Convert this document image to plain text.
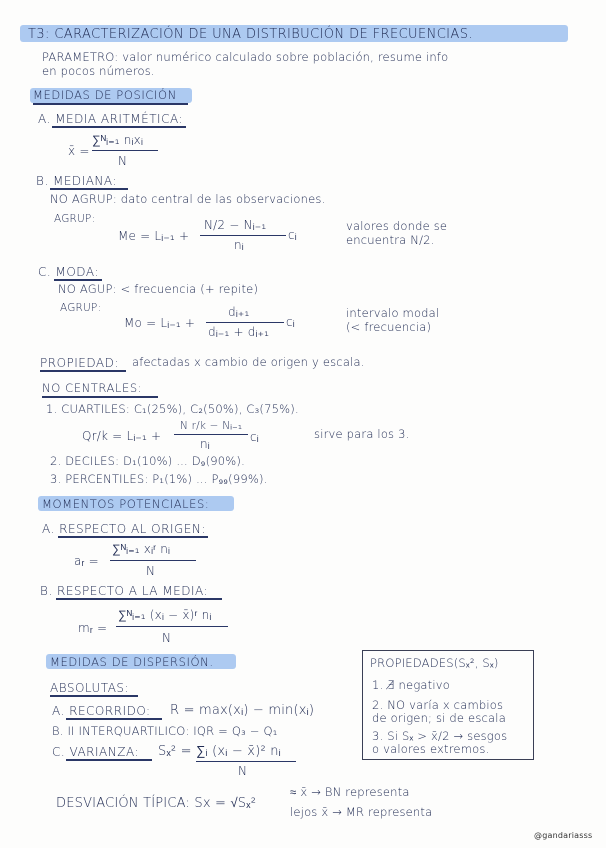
T3: CARACTERIZACIÓN DE UNA DISTRIBUCIÓN DE FRECUENCIAS.
PARAMETRO: valor numérico calculado sobre población, resume info
en pocos números.
MEDIDAS DE POSICIÓN
A. MEDIA ARITMÉTICA:
x̄ =
∑ᴺᵢ₌₁ nᵢxᵢ
N
B. MEDIANA:
NO AGRUP: dato central de las observaciones.
AGRUP:
Me = Lᵢ₋₁ +
N/2 − Nᵢ₋₁
nᵢ
cᵢ
valores donde se
encuentra N/2.
C. MODA:
NO AGUP: < frecuencia (+ repite)
AGRUP:
Mo = Lᵢ₋₁ +
dᵢ₊₁
dᵢ₋₁ + dᵢ₊₁
cᵢ
intervalo modal
(< frecuencia)
PROPIEDAD: afectadas x cambio de origen y escala.
NO CENTRALES:
1. CUARTILES: C₁(25%), C₂(50%), C₃(75%).
Qr/k = Lᵢ₋₁ +
N r/k − Nᵢ₋₁
nᵢ	cᵢ	sirve para los 3.
2. DECILES: D₁(10%) ... D₉(90%).
3. PERCENTILES: P₁(1%) ... P₉₉(99%).
MOMENTOS POTENCIALES:
A. RESPECTO AL ORIGEN:
aᵣ =
∑ᴺᵢ₌₁ xᵢʳ nᵢ
N
B. RESPECTO A LA MEDIA:
mᵣ =
∑ᴺᵢ₌₁ (xᵢ − x̄)ʳ nᵢ
N
MEDIDAS DE DISPERSIÓN.
ABSOLUTAS:
A. RECORRIDO: R = max(xᵢ) − min(xᵢ)
B. II INTERQUARTILICO: IQR = Q₃ − Q₁
C. VARIANZA: Sₓ² = ∑ᵢ (xᵢ − x̄)² nᵢ
N
DESVIACIÓN TÍPICA: Sx = √Sₓ²
≈ x̄ → BN representa
lejos x̄ → MR representa
PROPIEDADES(Sₓ², Sₓ)
1. ∄ negativo
2. NO varía x cambios
de origen; si de escala
3. Si Sₓ > x̄/2 → sesgos
o valores extremos.
@gandariasss
